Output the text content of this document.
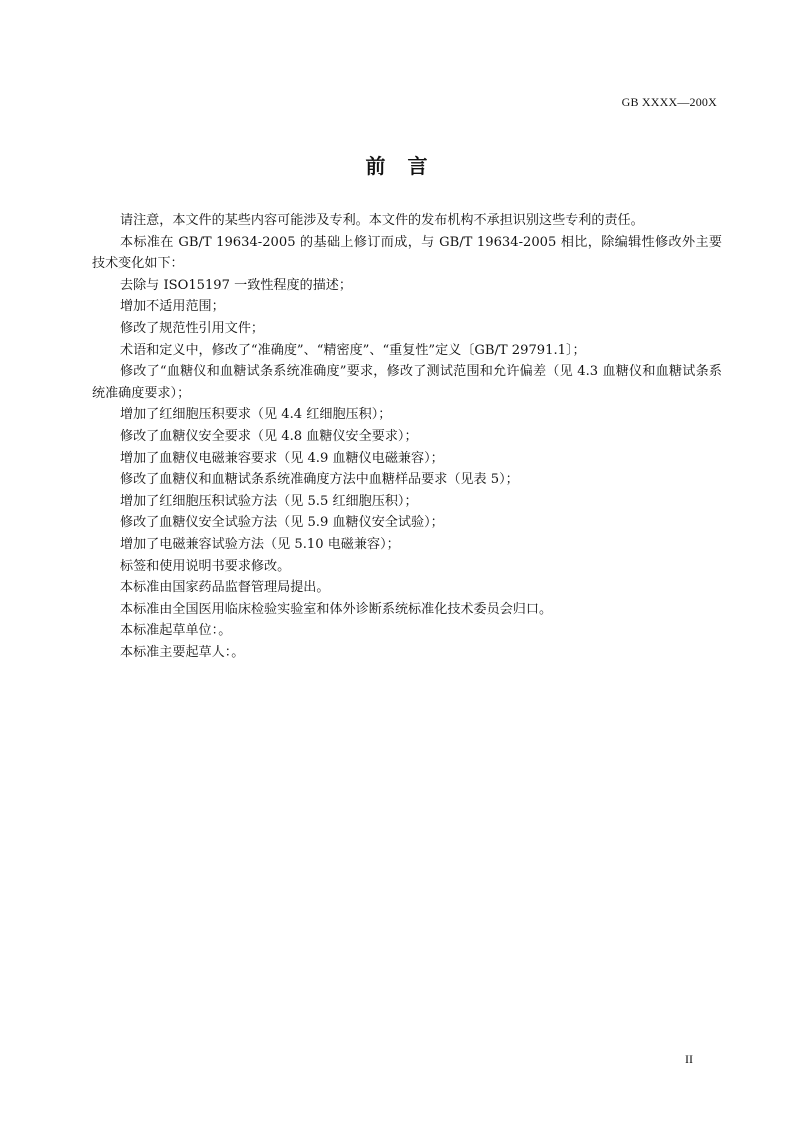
GB XXXX—200X
前言

请注意，本文件的某些内容可能涉及专利。本文件的发布机构不承担识别这些专利的责任。

本标准在 GB/T 19634-2005 的基础上修订而成，与 GB/T 19634-2005 相比，除编辑性修改外主要技术变化如下：

去除与 ISO15197 一致性程度的描述；

增加不适用范围；

修改了规范性引用文件；

术语和定义中，修改了“准确度”、“精密度”、“重复性”定义〔GB/T 29791.1〕；

修改了“血糖仪和血糖试条系统准确度”要求，修改了测试范围和允许偏差（见 4.3 血糖仪和血糖试条系统准确度要求）；

增加了红细胞压积要求（见 4.4 红细胞压积）；

修改了血糖仪安全要求（见 4.8 血糖仪安全要求）；

增加了血糖仪电磁兼容要求（见 4.9 血糖仪电磁兼容）；

修改了血糖仪和血糖试条系统准确度方法中血糖样品要求（见表 5）；

增加了红细胞压积试验方法（见 5.5 红细胞压积）；

修改了血糖仪安全试验方法（见 5.9 血糖仪安全试验）；

增加了电磁兼容试验方法（见 5.10 电磁兼容）；

标签和使用说明书要求修改。

本标准由国家药品监督管理局提出。

本标准由全国医用临床检验实验室和体外诊断系统标准化技术委员会归口。

本标准起草单位：。

本标准主要起草人：。

II
